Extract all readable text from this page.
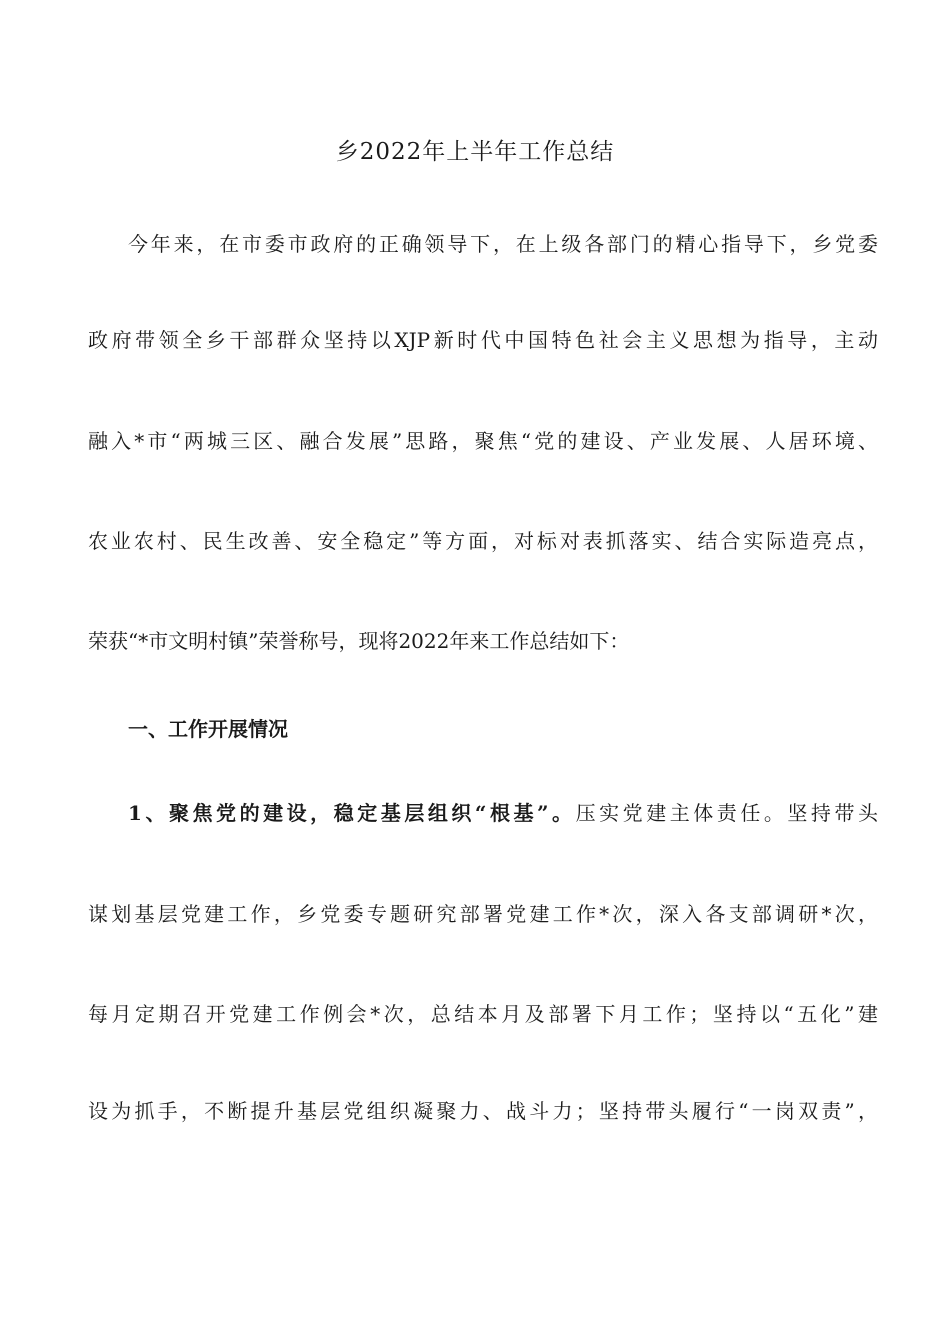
乡2022年上半年工作总结
今年来，在市委市政府的正确领导下，在上级各部门的精心指导下，乡党委
政府带领全乡干部群众坚持以XJP新时代中国特色社会主义思想为指导，主动
融入*市“两城三区、融合发展”思路，聚焦“党的建设、产业发展、人居环境、
农业农村、民生改善、安全稳定”等方面，对标对表抓落实、结合实际造亮点，
荣获“*市文明村镇”荣誉称号，现将2022年来工作总结如下：
一、工作开展情况
1、聚焦党的建设，稳定基层组织“根基”。压实党建主体责任。坚持带头
谋划基层党建工作，乡党委专题研究部署党建工作*次，深入各支部调研*次，
每月定期召开党建工作例会*次，总结本月及部署下月工作；坚持以“五化”建
设为抓手，不断提升基层党组织凝聚力、战斗力；坚持带头履行“一岗双责”，
